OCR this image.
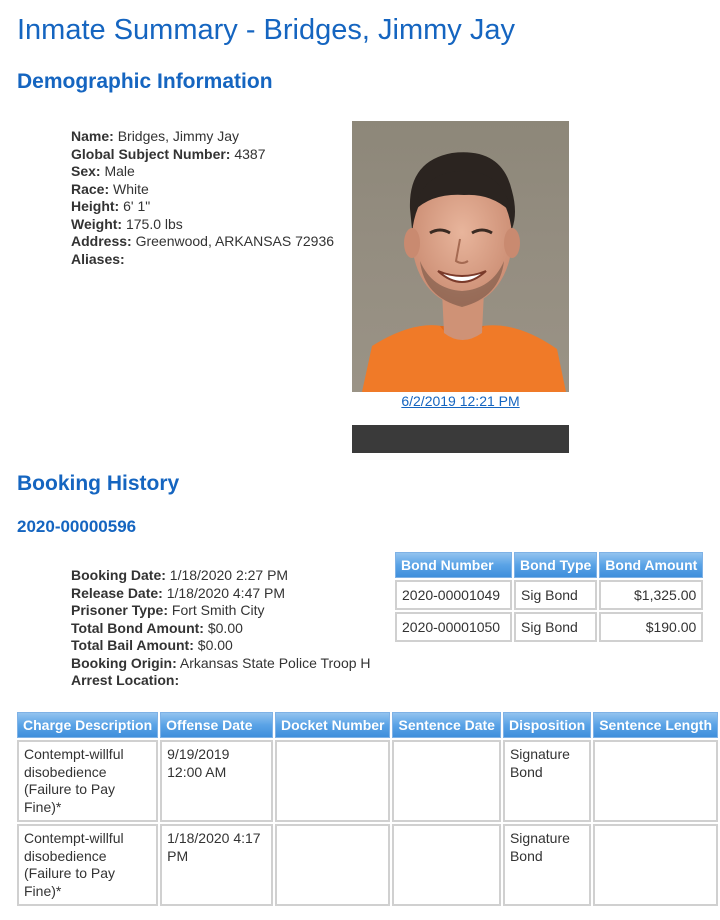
Inmate Summary - Bridges, Jimmy Jay
Demographic Information
Name: Bridges, Jimmy Jay
Global Subject Number: 4387
Sex: Male
Race: White
Height: 6' 1"
Weight: 175.0 lbs
Address: Greenwood, ARKANSAS 72936
Aliases:
6/2/2019 12:21 PM
Booking History
2020-00000596
Booking Date: 1/18/2020 2:27 PM
Release Date: 1/18/2020 4:47 PM
Prisoner Type: Fort Smith City
Total Bond Amount: $0.00
Total Bail Amount: $0.00
Booking Origin: Arkansas State Police Troop H
Arrest Location:
Bond Number	Bond Type	Bond Amount
2020-00001049	Sig Bond	$1,325.00
2020-00001050	Sig Bond	$190.00
Charge Description	Offense Date	Docket Number	Sentence Date	Disposition	Sentence Length
Contempt-willful disobedience (Failure to Pay Fine)*	9/19/2019 12:00 AM			Signature Bond	
Contempt-willful disobedience (Failure to Pay Fine)*	1/18/2020 4:17 PM			Signature Bond	
